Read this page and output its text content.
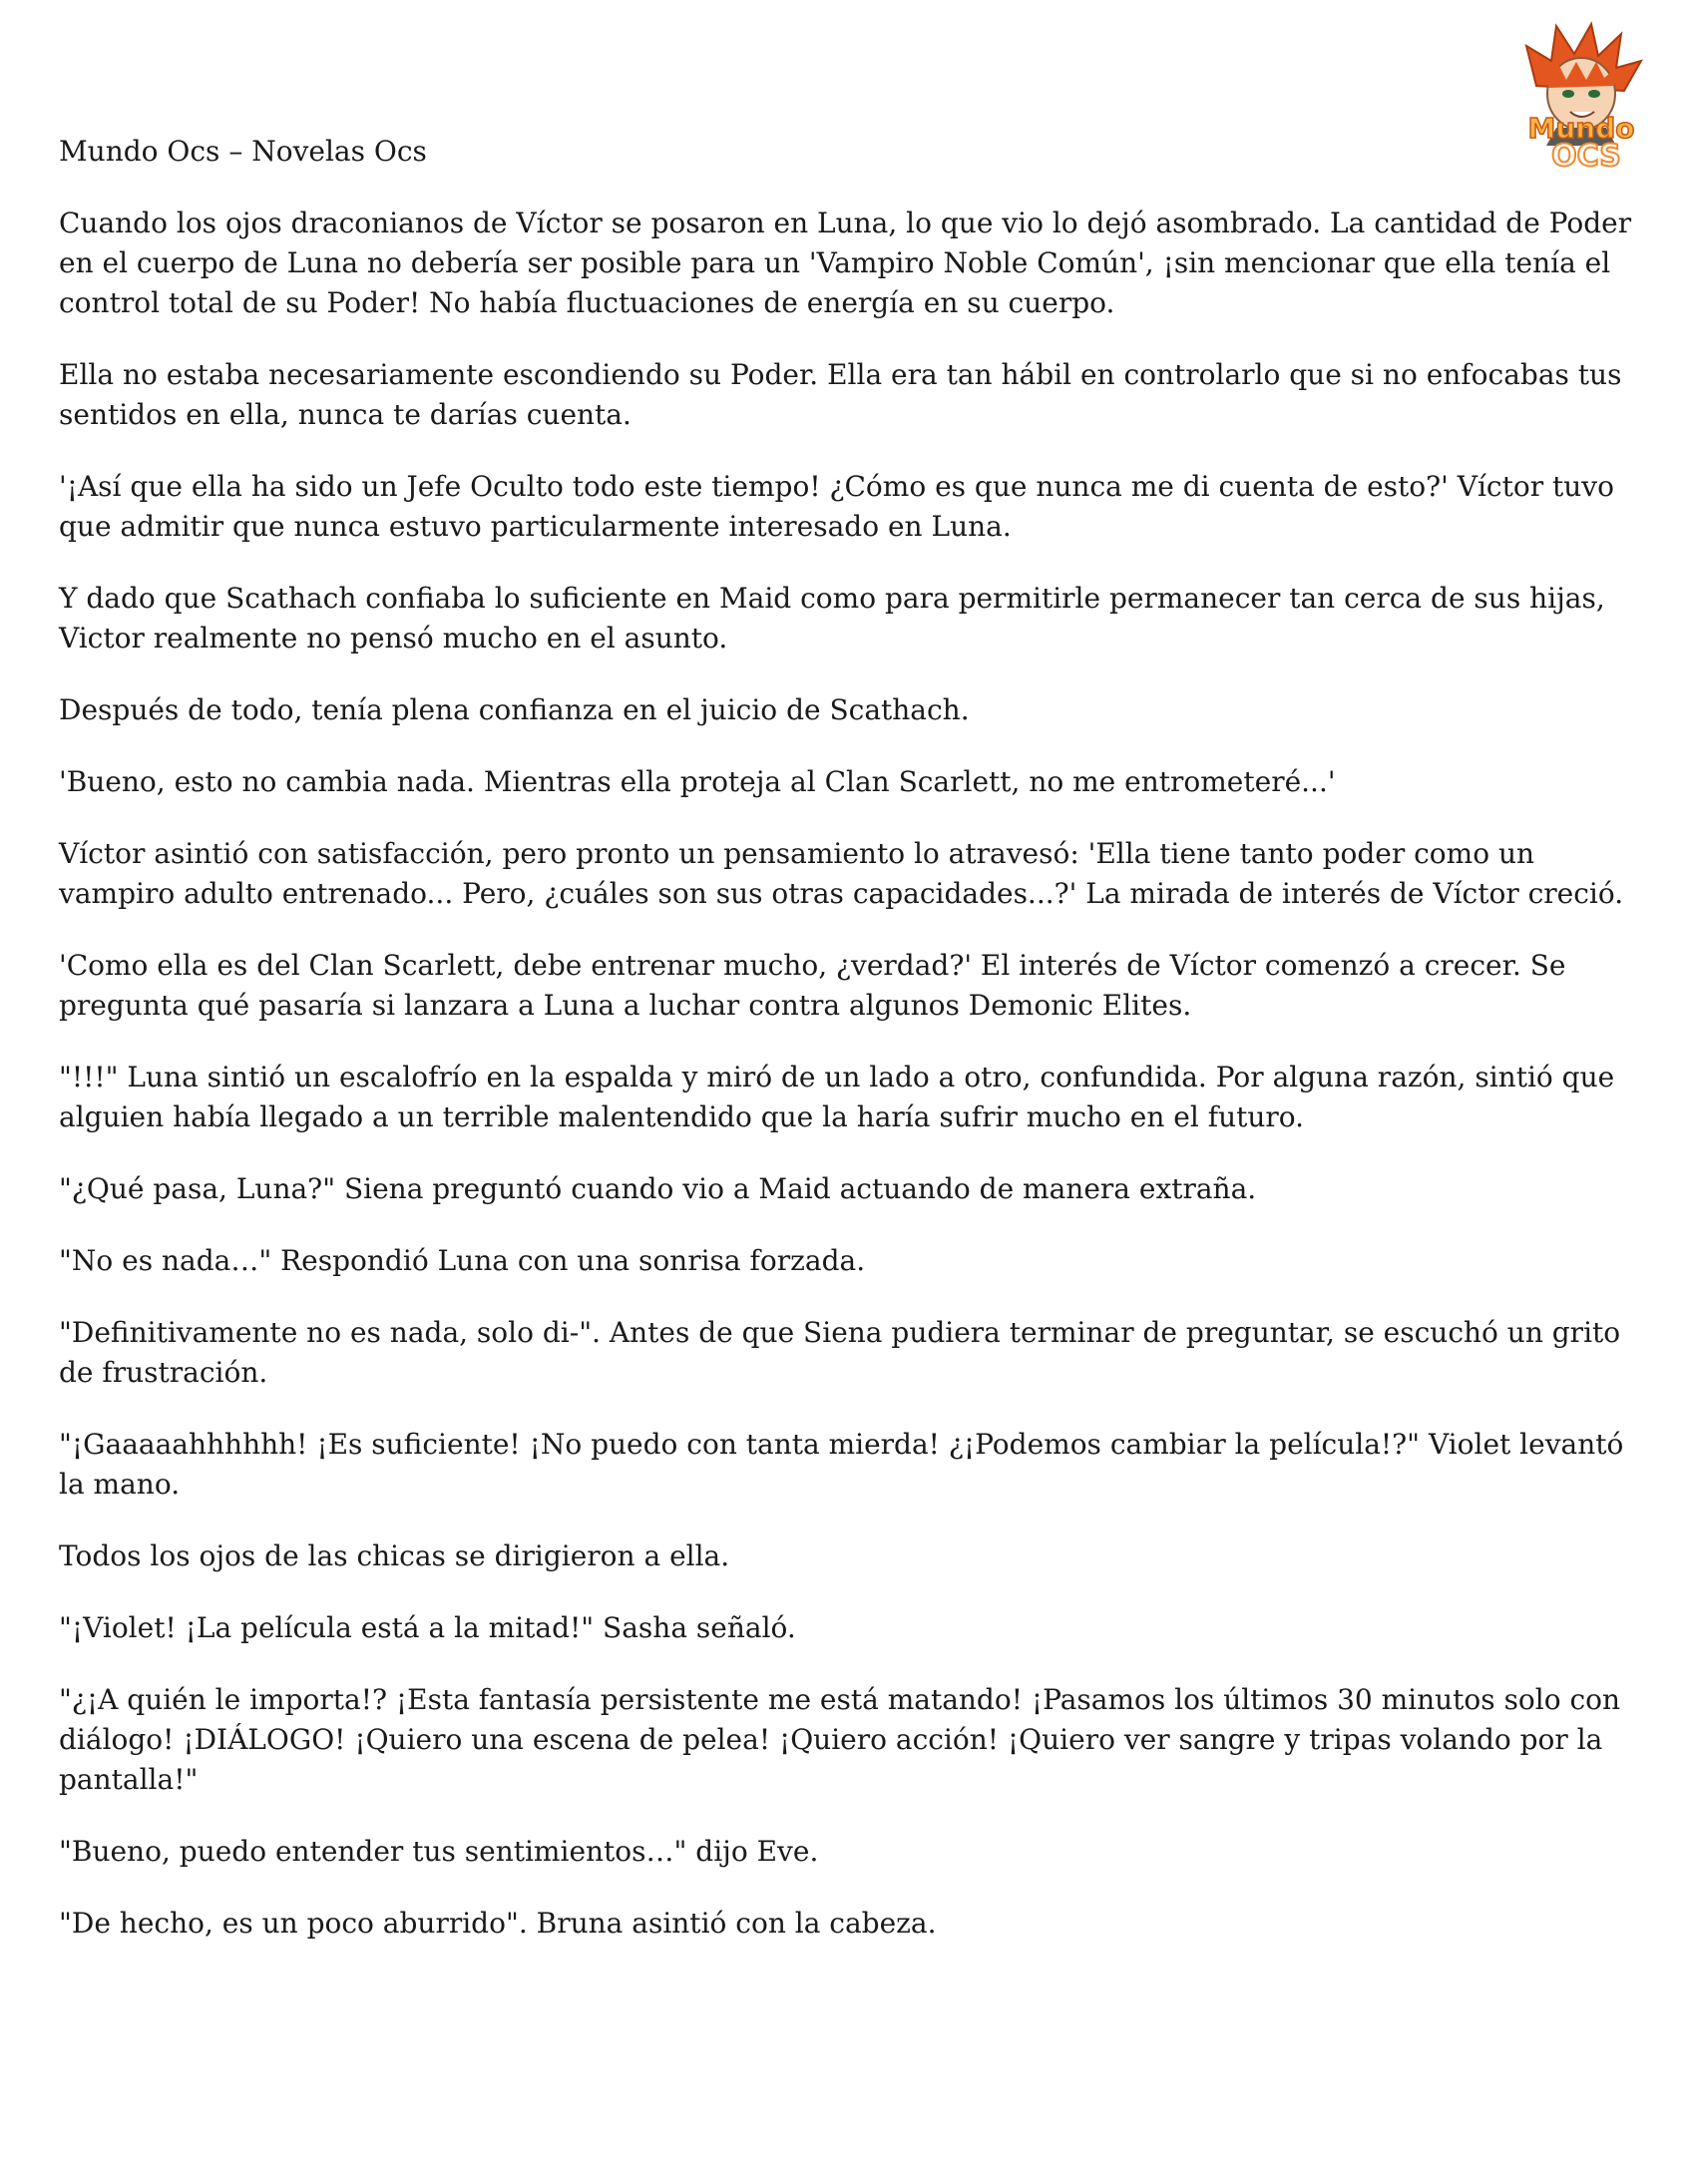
Mundo Ocs – Novelas Ocs

Mundo
OCS

Cuando los ojos draconianos de Víctor se posaron en Luna, lo que vio lo dejó asombrado. La cantidad de Poder en el cuerpo de Luna no debería ser posible para un 'Vampiro Noble Común', ¡sin mencionar que ella tenía el control total de su Poder! No había fluctuaciones de energía en su cuerpo.

Ella no estaba necesariamente escondiendo su Poder. Ella era tan hábil en controlarlo que si no enfocabas tus sentidos en ella, nunca te darías cuenta.

'¡Así que ella ha sido un Jefe Oculto todo este tiempo! ¿Cómo es que nunca me di cuenta de esto?' Víctor tuvo que admitir que nunca estuvo particularmente interesado en Luna.

Y dado que Scathach confiaba lo suficiente en Maid como para permitirle permanecer tan cerca de sus hijas, Victor realmente no pensó mucho en el asunto.

Después de todo, tenía plena confianza en el juicio de Scathach.

'Bueno, esto no cambia nada. Mientras ella proteja al Clan Scarlett, no me entrometeré...'

Víctor asintió con satisfacción, pero pronto un pensamiento lo atravesó: 'Ella tiene tanto poder como un vampiro adulto entrenado... Pero, ¿cuáles son sus otras capacidades...?' La mirada de interés de Víctor creció.

'Como ella es del Clan Scarlett, debe entrenar mucho, ¿verdad?' El interés de Víctor comenzó a crecer. Se pregunta qué pasaría si lanzara a Luna a luchar contra algunos Demonic Elites.

"!!!" Luna sintió un escalofrío en la espalda y miró de un lado a otro, confundida. Por alguna razón, sintió que alguien había llegado a un terrible malentendido que la haría sufrir mucho en el futuro.

"¿Qué pasa, Luna?" Siena preguntó cuando vio a Maid actuando de manera extraña.

"No es nada…" Respondió Luna con una sonrisa forzada.

"Definitivamente no es nada, solo di-". Antes de que Siena pudiera terminar de preguntar, se escuchó un grito de frustración.

"¡Gaaaaahhhhhh! ¡Es suficiente! ¡No puedo con tanta mierda! ¿¡Podemos cambiar la película!?" Violet levantó la mano.

Todos los ojos de las chicas se dirigieron a ella.

"¡Violet! ¡La película está a la mitad!" Sasha señaló.

"¿¡A quién le importa!? ¡Esta fantasía persistente me está matando! ¡Pasamos los últimos 30 minutos solo con diálogo! ¡DIÁLOGO! ¡Quiero una escena de pelea! ¡Quiero acción! ¡Quiero ver sangre y tripas volando por la pantalla!"

"Bueno, puedo entender tus sentimientos…" dijo Eve.

"De hecho, es un poco aburrido". Bruna asintió con la cabeza.
